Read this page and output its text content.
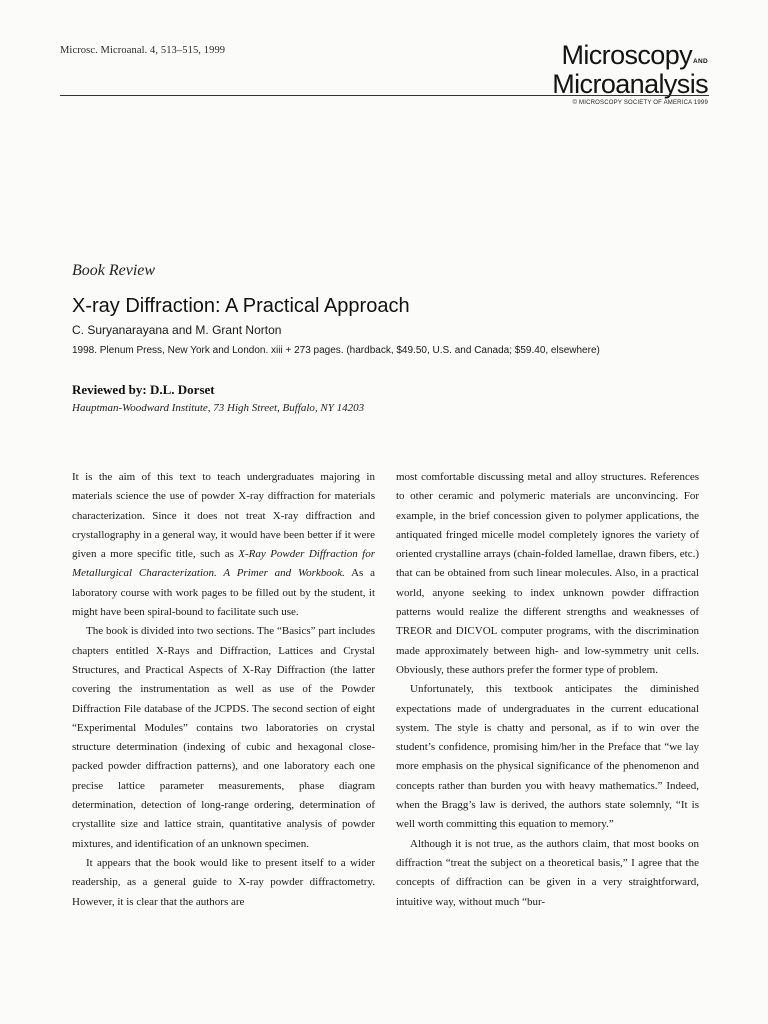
Microsc. Microanal. 4, 513–515, 1999	MicroscopyAND
Microanalysis
© MICROSCOPY SOCIETY OF AMERICA 1999
Book Review
X-ray Diffraction: A Practical Approach
C. Suryanarayana and M. Grant Norton
1998. Plenum Press, New York and London. xiii + 273 pages. (hardback, $49.50, U.S. and Canada; $59.40, elsewhere)
Reviewed by: D.L. Dorset
Hauptman-Woodward Institute, 73 High Street, Buffalo, NY 14203

It is the aim of this text to teach undergraduates majoring in materials science the use of powder X-ray diffraction for materials characterization. Since it does not treat X-ray diffraction and crystallography in a general way, it would have been better if it were given a more specific title, such as X-Ray Powder Diffraction for Metallurgical Characterization. A Primer and Workbook. As a laboratory course with work pages to be filled out by the student, it might have been spiral-bound to facilitate such use.

The book is divided into two sections. The “Basics” part includes chapters entitled X-Rays and Diffraction, Lattices and Crystal Structures, and Practical Aspects of X-Ray Diffraction (the latter covering the instrumentation as well as use of the Powder Diffraction File database of the JCPDS. The second section of eight “Experimental Modules” contains two laboratories on crystal structure determination (indexing of cubic and hexagonal close-packed powder diffraction patterns), and one laboratory each one precise lattice parameter measurements, phase diagram determination, detection of long-range ordering, determination of crystallite size and lattice strain, quantitative analysis of powder mixtures, and identification of an unknown specimen.

It appears that the book would like to present itself to a wider readership, as a general guide to X-ray powder diffractometry. However, it is clear that the authors are

most comfortable discussing metal and alloy structures. References to other ceramic and polymeric materials are unconvincing. For example, in the brief concession given to polymer applications, the antiquated fringed micelle model completely ignores the variety of oriented crystalline arrays (chain-folded lamellae, drawn fibers, etc.) that can be obtained from such linear molecules. Also, in a practical world, anyone seeking to index unknown powder diffraction patterns would realize the different strengths and weaknesses of TREOR and DICVOL computer programs, with the discrimination made approximately between high- and low-symmetry unit cells. Obviously, these authors prefer the former type of problem.

Unfortunately, this textbook anticipates the diminished expectations made of undergraduates in the current educational system. The style is chatty and personal, as if to win over the student’s confidence, promising him/her in the Preface that “we lay more emphasis on the physical significance of the phenomenon and concepts rather than burden you with heavy mathematics.” Indeed, when the Bragg’s law is derived, the authors state solemnly, “It is well worth committing this equation to memory.”

Although it is not true, as the authors claim, that most books on diffraction “treat the subject on a theoretical basis,” I agree that the concepts of diffraction can be given in a very straightforward, intuitive way, without much “bur-
